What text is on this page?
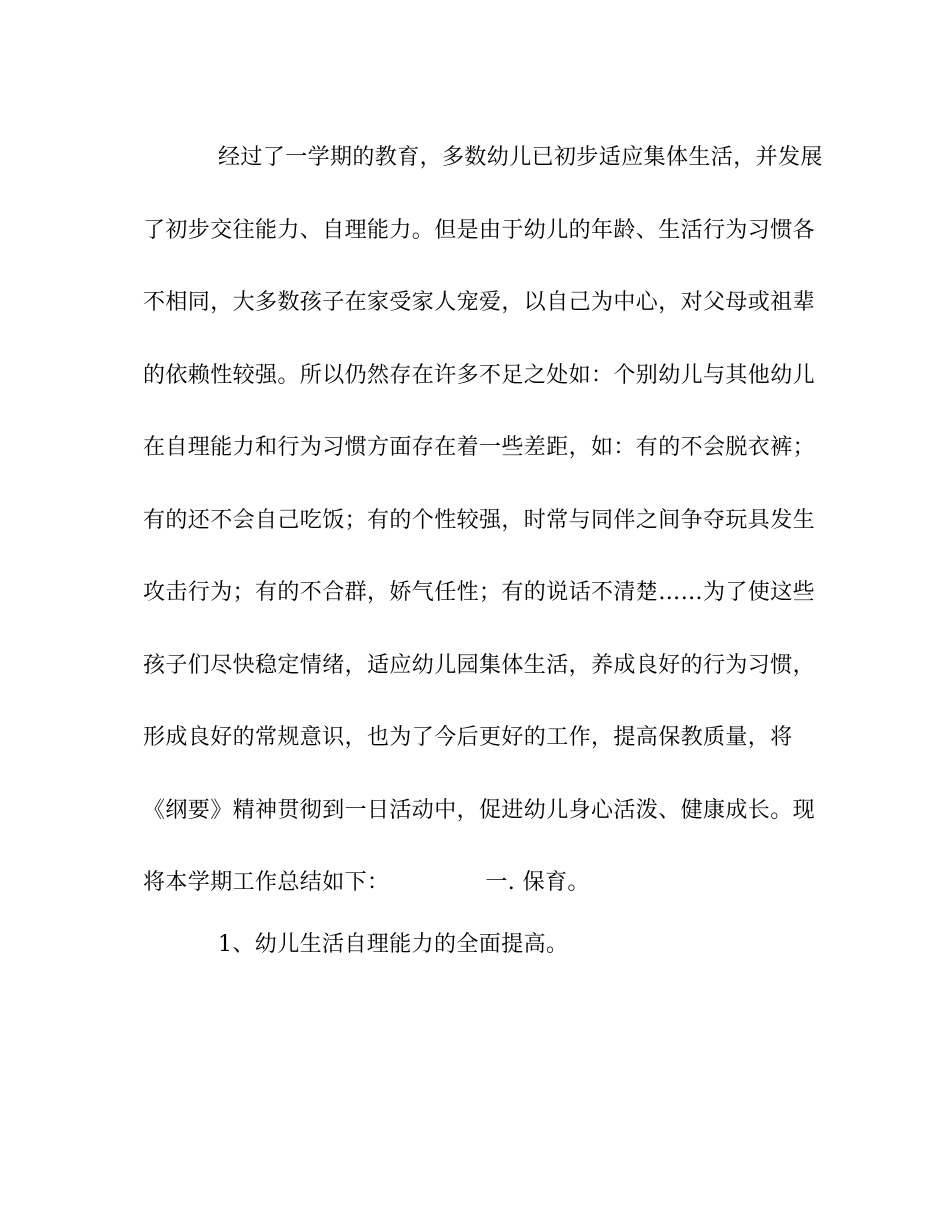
经过了一学期的教育，多数幼儿已初步适应集体生活，并发展
了初步交往能力、自理能力。但是由于幼儿的年龄、生活行为习惯各
不相同，大多数孩子在家受家人宠爱，以自己为中心，对父母或祖辈
的依赖性较强。所以仍然存在许多不足之处如：个别幼儿与其他幼儿
在自理能力和行为习惯方面存在着一些差距，如：有的不会脱衣裤；
有的还不会自己吃饭；有的个性较强，时常与同伴之间争夺玩具发生
攻击行为；有的不合群，娇气任性；有的说话不清楚……为了使这些
孩子们尽快稳定情绪，适应幼儿园集体生活，养成良好的行为习惯，
形成良好的常规意识，也为了今后更好的工作，提高保教质量，将
《纲要》精神贯彻到一日活动中，促进幼儿身心活泼、健康成长。现
将本学期工作总结如下：	一. 保育。
1、幼儿生活自理能力的全面提高。
